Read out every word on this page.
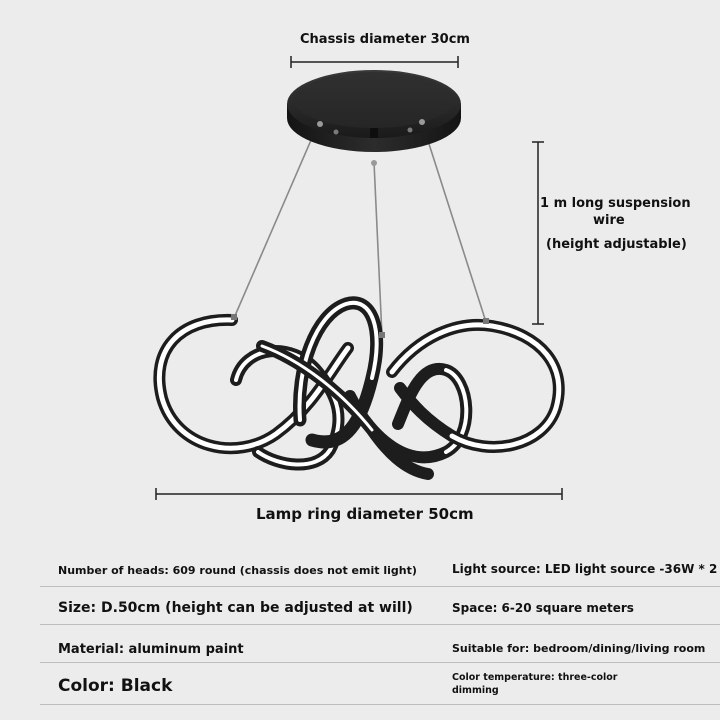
Chassis diameter 30cm
1 m long suspension
wire
(height adjustable)
Lamp ring diameter 50cm
Number of heads: 609 round (chassis does not emit light)	Light source: LED light source -36W * 2
Size: D.50cm (height can be adjusted at will)	Space: 6-20 square meters
Material: aluminum paint	Suitable for: bedroom/dining/living room
Color: Black	Color temperature: three-color
dimming
